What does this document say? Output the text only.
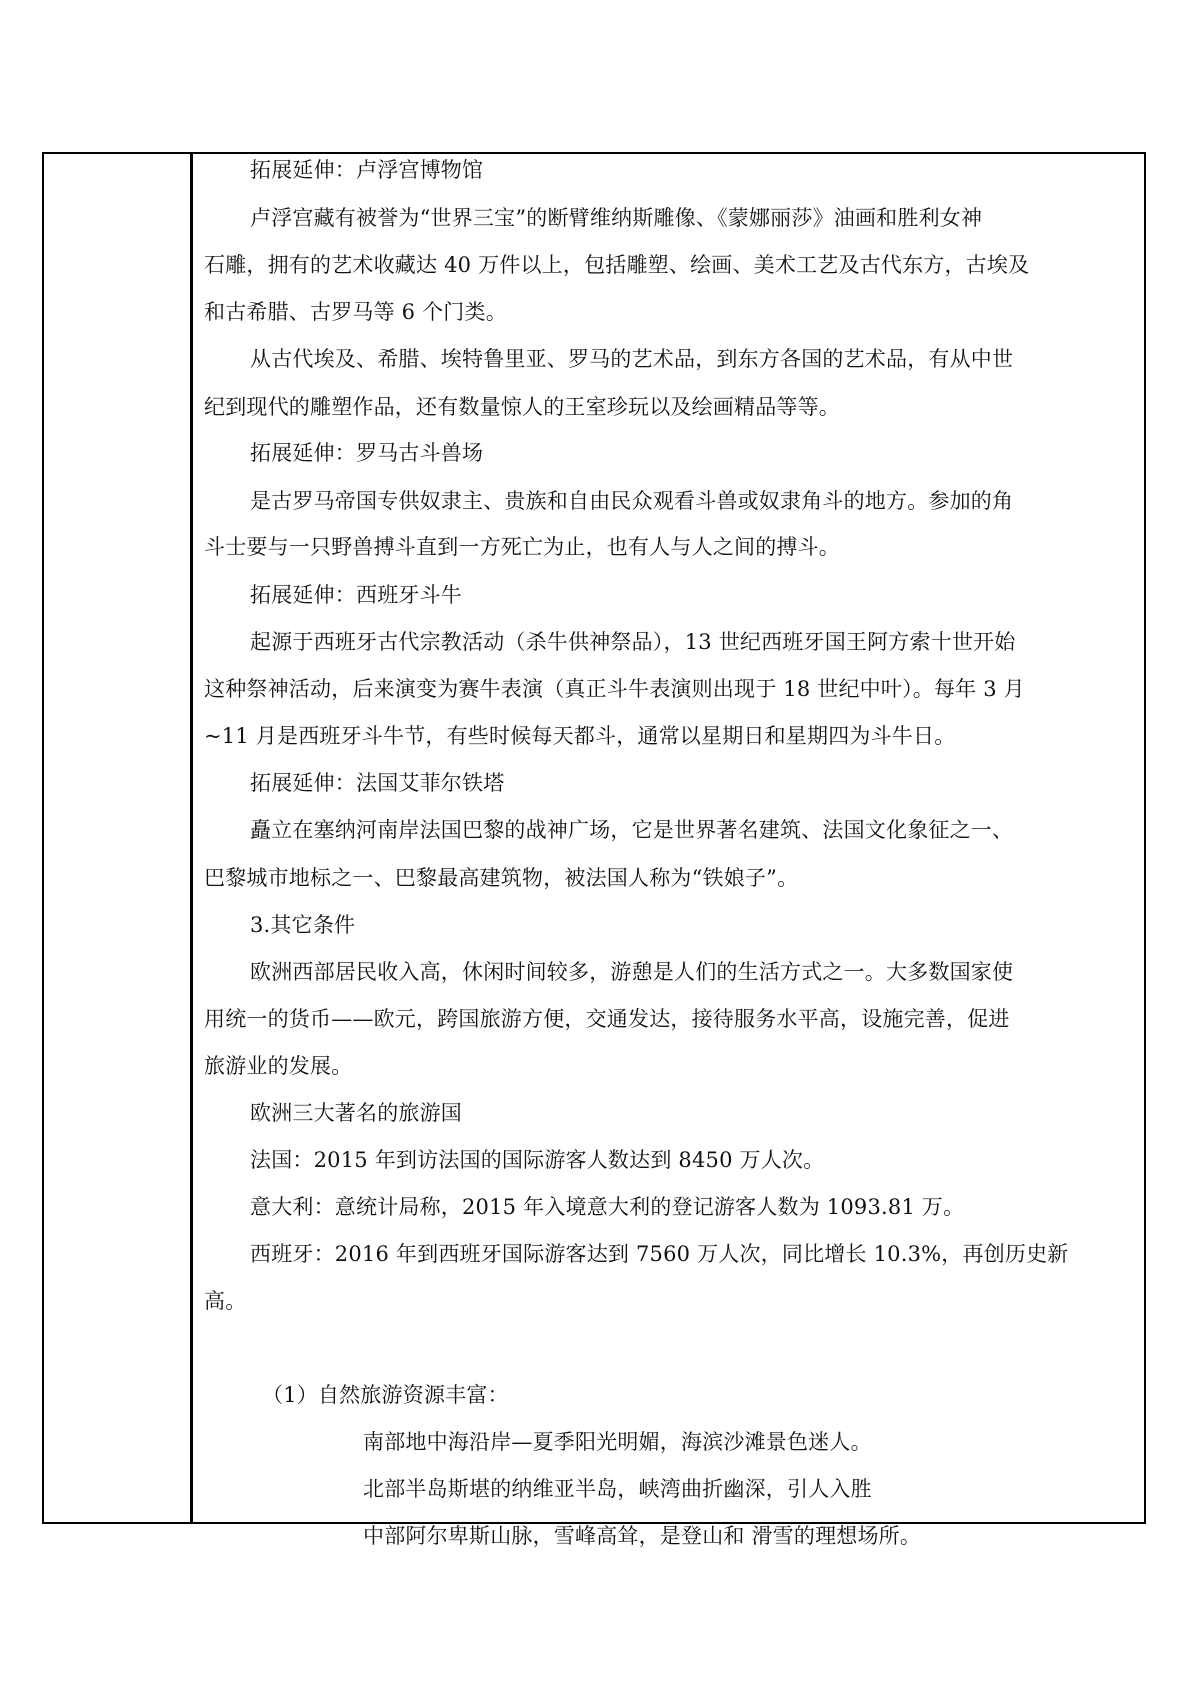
拓展延伸：卢浮宫博物馆
卢浮宫藏有被誉为“世界三宝”的断臂维纳斯雕像、《蒙娜丽莎》油画和胜利女神
石雕，拥有的艺术收藏达 40 万件以上，包括雕塑、绘画、美术工艺及古代东方，古埃及
和古希腊、古罗马等 6 个门类。
从古代埃及、希腊、埃特鲁里亚、罗马的艺术品，到东方各国的艺术品，有从中世
纪到现代的雕塑作品，还有数量惊人的王室珍玩以及绘画精品等等。
拓展延伸：罗马古斗兽场
是古罗马帝国专供奴隶主、贵族和自由民众观看斗兽或奴隶角斗的地方。参加的角
斗士要与一只野兽搏斗直到一方死亡为止，也有人与人之间的搏斗。
拓展延伸：西班牙斗牛
起源于西班牙古代宗教活动（杀牛供神祭品），13 世纪西班牙国王阿方索十世开始
这种祭神活动，后来演变为赛牛表演（真正斗牛表演则出现于 18 世纪中叶）。每年 3 月
~11 月是西班牙斗牛节，有些时候每天都斗，通常以星期日和星期四为斗牛日。
拓展延伸：法国艾菲尔铁塔
矗立在塞纳河南岸法国巴黎的战神广场，它是世界著名建筑、法国文化象征之一、
巴黎城市地标之一、巴黎最高建筑物，被法国人称为“铁娘子”。
3.其它条件
欧洲西部居民收入高，休闲时间较多，游憩是人们的生活方式之一。大多数国家使
用统一的货币——欧元，跨国旅游方便，交通发达，接待服务水平高，设施完善，促进
旅游业的发展。
欧洲三大著名的旅游国
法国：2015 年到访法国的国际游客人数达到 8450 万人次。
意大利：意统计局称，2015 年入境意大利的登记游客人数为 1093.81 万。
西班牙：2016 年到西班牙国际游客达到 7560 万人次，同比增长 10.3%，再创历史新
高。
（1）自然旅游资源丰富：
南部地中海沿岸—夏季阳光明媚，海滨沙滩景色迷人。
北部半岛斯堪的纳维亚半岛，峡湾曲折幽深，引人入胜
中部阿尔卑斯山脉，雪峰高耸，是登山和 滑雪的理想场所。
